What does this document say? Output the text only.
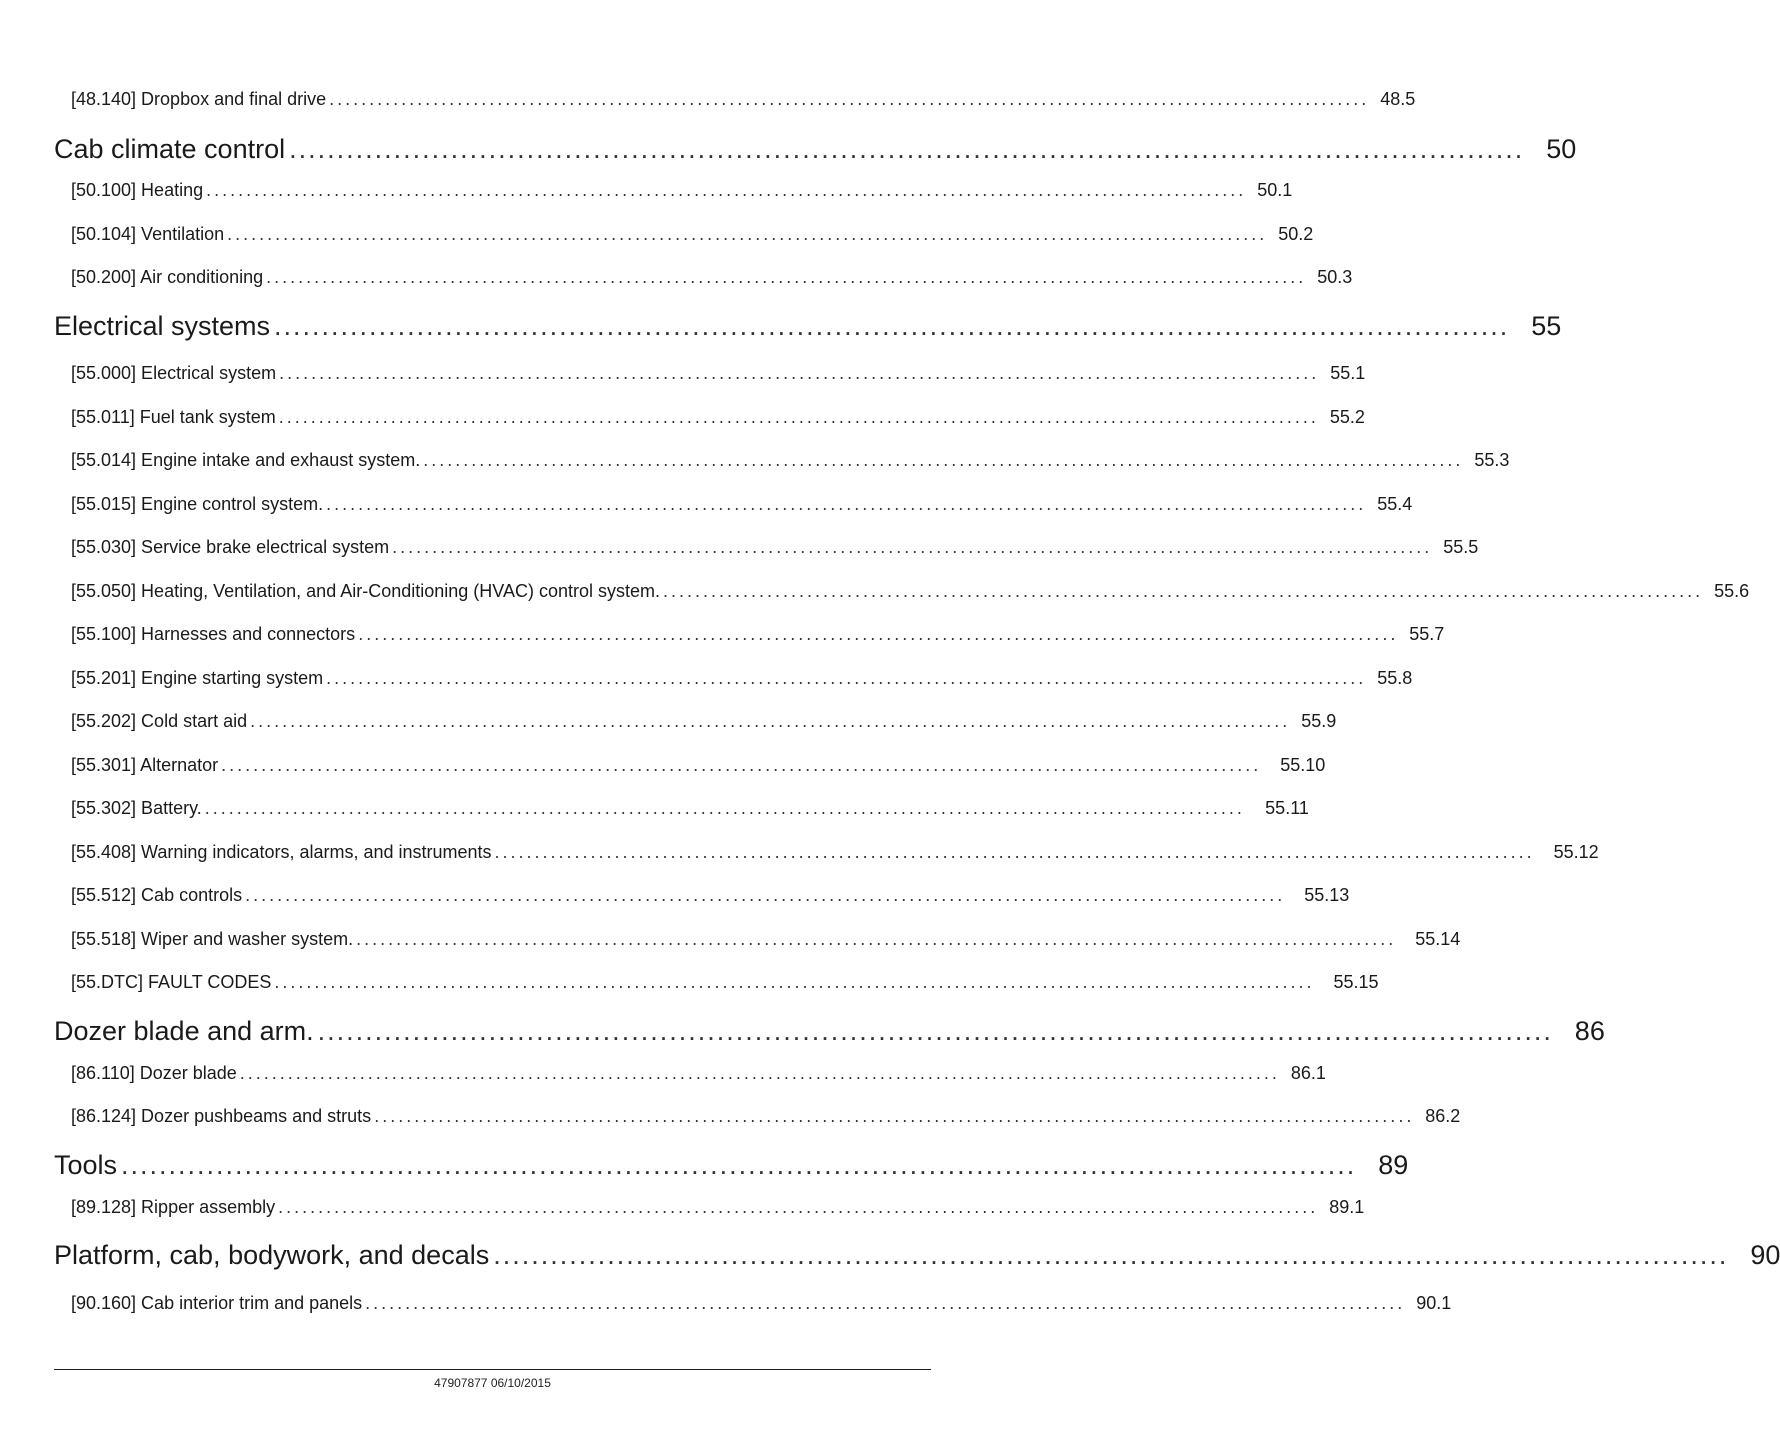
[48.140] Dropbox and final drive .................................................................................................................................. 48.5
Cab climate control .................................................................................................................................. 50
[50.100] Heating .................................................................................................................................. 50.1
[50.104] Ventilation .................................................................................................................................. 50.2
[50.200] Air conditioning .................................................................................................................................. 50.3
Electrical systems .................................................................................................................................. 55
[55.000] Electrical system .................................................................................................................................. 55.1
[55.011] Fuel tank system .................................................................................................................................. 55.2
[55.014] Engine intake and exhaust system. .................................................................................................................................. 55.3
[55.015] Engine control system. .................................................................................................................................. 55.4
[55.030] Service brake electrical system .................................................................................................................................. 55.5
[55.050] Heating, Ventilation, and Air-Conditioning (HVAC) control system. .................................................................................................................................. 55.6
[55.100] Harnesses and connectors .................................................................................................................................. 55.7
[55.201] Engine starting system .................................................................................................................................. 55.8
[55.202] Cold start aid .................................................................................................................................. 55.9
[55.301] Alternator .................................................................................................................................. 55.10
[55.302] Battery. ..................................................................................................................................	55.11
[55.408] Warning indicators, alarms, and instruments .................................................................................................................................. 55.12
[55.512] Cab controls .................................................................................................................................. 55.13
[55.518] Wiper and washer system. .................................................................................................................................. 55.14
[55.DTC] FAULT CODES .................................................................................................................................. 55.15
Dozer blade and arm. .................................................................................................................................. 86
[86.110] Dozer blade .................................................................................................................................. 86.1
[86.124] Dozer pushbeams and struts .................................................................................................................................. 86.2
Tools .................................................................................................................................. 89
[89.128] Ripper assembly .................................................................................................................................. 89.1
Platform, cab, bodywork, and decals .................................................................................................................................. 90
[90.160] Cab interior trim and panels .................................................................................................................................. 90.1
47907877 06/10/2015
